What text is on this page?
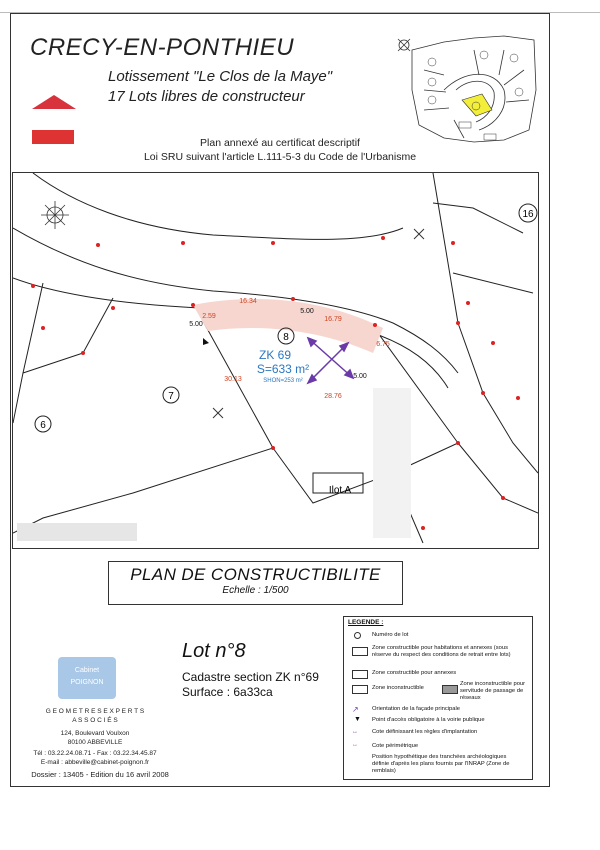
CRECY-EN-PONTHIEU
Lotissement "Le Clos de la Maye"
17 Lots libres de constructeur
Plan annexé au certificat descriptif
Loi SRU suivant l'article L.111-5-3 du Code de l'Urbanisme
8
7
6
16
ZK 69
S=633 m²
SHON=253 m²
16.34
16.79
2.59
5.00
5.00
6.75
5.00
30.13
28.76
Ilot A
PLAN DE CONSTRUCTIBILITE
Echelle : 1/500
Lot n°8
Cadastre section ZK n°69
Surface : 6a33ca
Cabinet POIGNON
G E O M E T R E S E X P E R T S
A S S O C I É S
124, Boulevard Voulxon
80100 ABBEVILLE
Tél : 03.22.24.08.71 - Fax : 03.22.34.45.87
E-mail : abbeville@cabinet-poignon.fr
Dossier : 13405 - Edition du 16 avril 2008
LEGENDE :
Numéro de lot
Zone constructible pour habitations et annexes (sous réserve du respect des conditions de retrait entre lots)
Zone constructible pour annexes
Zone inconstructible
Zone inconstructible pour servitude de passage de réseaux
↗ Orientation de la façade principale
▼ Point d'accès obligatoire à la voirie publique
↔ Cote définissant les règles d'implantation
↔ Cote périmétrique
Position hypothétique des tranchées archéologiques définie d'après les plans fournis par l'INRAP (Zone de remblais)
